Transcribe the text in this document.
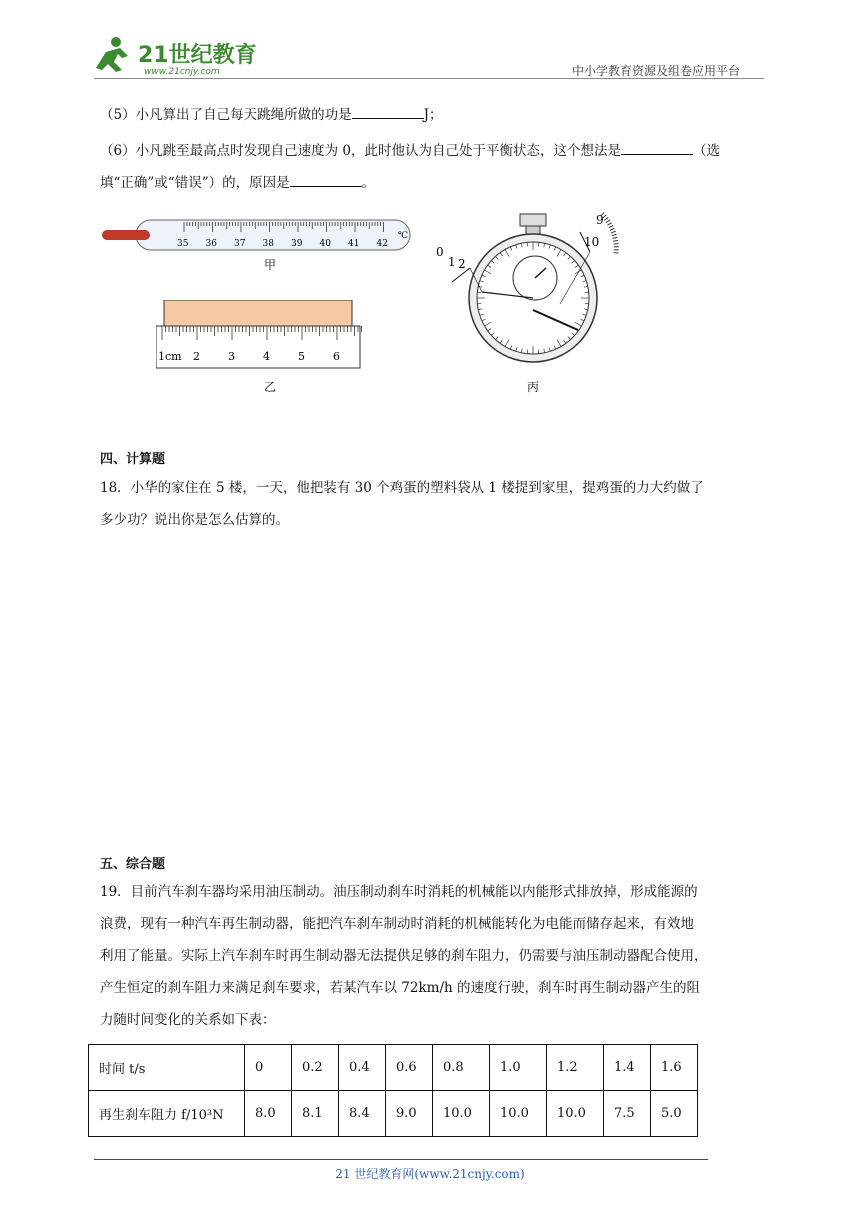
21世纪教育
www.21cnjy.com	中小学教育资源及组卷应用平台
（5）小凡算出了自己每天跳绳所做的功是	J；
（6）小凡跳至最高点时发现自己速度为 0，此时他认为自己处于平衡状态，这个想法是	（选
填“正确”或“错误”）的，原因是	。
℃
35 36 37 38 39 40 41 42
甲
1cm 2	3	4	5	6
乙
0
1 2
9
10
丙
四、计算题
18．小华的家住在 5 楼，一天，他把装有 30 个鸡蛋的塑料袋从 1 楼提到家里，提鸡蛋的力大约做了
多少功？说出你是怎么估算的。
五、综合题
19．目前汽车刹车器均采用油压制动。油压制动刹车时消耗的机械能以内能形式排放掉，形成能源的
浪费，现有一种汽车再生制动器，能把汽车刹车制动时消耗的机械能转化为电能而储存起来，有效地
利用了能量。实际上汽车刹车时再生制动器无法提供足够的刹车阻力，仍需要与油压制动器配合使用，
产生恒定的刹车阻力来满足刹车要求，若某汽车以 72km/h 的速度行驶，刹车时再生制动器产生的阻
力随时间变化的关系如下表：
时间 t/s	0	0.2	0.4	0.6	0.8	1.0	1.2	1.4	1.6
再生刹车阻力 f/10³N	8.0	8.1	8.4	9.0	10.0	10.0	10.0	7.5	5.0
21 世纪教育网(www.21cnjy.com)
